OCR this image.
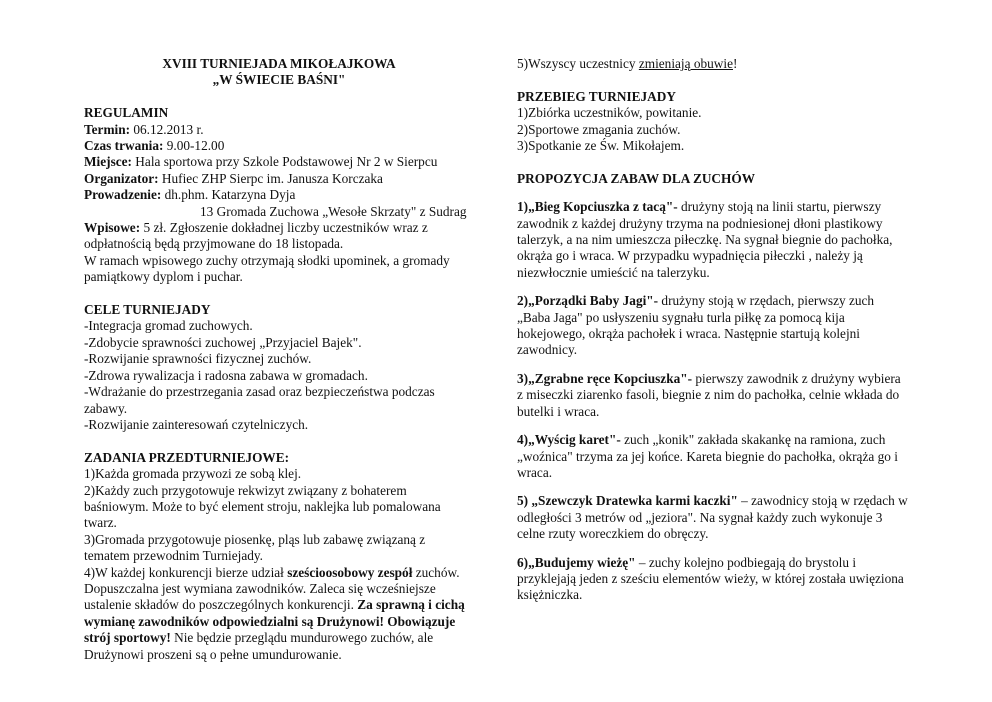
XVIII TURNIEJADA MIKOŁAJKOWA

„W ŚWIECIE BAŚNI"

REGULAMIN

Termin: 06.12.2013 r.

Czas trwania: 9.00-12.00

Miejsce: Hala sportowa przy Szkole Podstawowej Nr 2 w Sierpcu

Organizator: Hufiec ZHP Sierpc im. Janusza Korczaka

Prowadzenie: dh.phm. Katarzyna Dyja

13 Gromada Zuchowa „Wesołe Skrzaty" z Sudrag

Wpisowe: 5 zł. Zgłoszenie dokładnej liczby uczestników wraz z odpłatnością będą przyjmowane do 18 listopada.

W ramach wpisowego zuchy otrzymają słodki upominek, a gromady pamiątkowy dyplom i puchar.

CELE TURNIEJADY

-Integracja gromad zuchowych.

-Zdobycie sprawności zuchowej „Przyjaciel Bajek".

-Rozwijanie sprawności fizycznej zuchów.

-Zdrowa rywalizacja i radosna zabawa w gromadach.

-Wdrażanie do przestrzegania zasad oraz bezpieczeństwa podczas zabawy.

-Rozwijanie zainteresowań czytelniczych.

ZADANIA PRZEDTURNIEJOWE:

1)Każda gromada przywozi ze sobą klej.

2)Każdy zuch przygotowuje rekwizyt związany z bohaterem baśniowym. Może to być element stroju, naklejka lub pomalowana twarz.

3)Gromada przygotowuje piosenkę, pląs lub zabawę związaną z tematem przewodnim Turniejady.

4)W każdej konkurencji bierze udział sześcioosobowy zespół zuchów. Dopuszczalna jest wymiana zawodników. Zaleca się wcześniejsze ustalenie składów do poszczególnych konkurencji. Za sprawną i cichą wymianę zawodników odpowiedzialni są Drużynowi! Obowiązuje strój sportowy! Nie będzie przeglądu mundurowego zuchów, ale Drużynowi proszeni są o pełne umundurowanie.

5)Wszyscy uczestnicy zmieniają obuwie!

PRZEBIEG TURNIEJADY

1)Zbiórka uczestników, powitanie.

2)Sportowe zmagania zuchów.

3)Spotkanie ze Św. Mikołajem.

PROPOZYCJA ZABAW DLA ZUCHÓW

1)„Bieg Kopciuszka z tacą"- drużyny stoją na linii startu, pierwszy zawodnik z każdej drużyny trzyma na podniesionej dłoni plastikowy talerzyk, a na nim umieszcza piłeczkę. Na sygnał biegnie do pachołka, okrąża go i wraca. W przypadku wypadnięcia piłeczki , należy ją niezwłocznie umieścić na talerzyku.

2)„Porządki Baby Jagi"- drużyny stoją w rzędach, pierwszy zuch „Baba Jaga" po usłyszeniu sygnału turla piłkę za pomocą kija hokejowego, okrąża pachołek i wraca. Następnie startują kolejni zawodnicy.

3)„Zgrabne ręce Kopciuszka"- pierwszy zawodnik z drużyny wybiera z miseczki ziarenko fasoli, biegnie z nim do pachołka, celnie wkłada do butelki i wraca.

4)„Wyścig karet"- zuch „konik" zakłada skakankę na ramiona, zuch „woźnica" trzyma za jej końce. Kareta biegnie do pachołka, okrąża go i wraca.

5) „Szewczyk Dratewka karmi kaczki" – zawodnicy stoją w rzędach w odległości 3 metrów od „jeziora". Na sygnał każdy zuch wykonuje 3 celne rzuty woreczkiem do obręczy.

6)„Budujemy wieżę" – zuchy kolejno podbiegają do brystolu i przyklejają jeden z sześciu elementów wieży, w której została uwięziona księżniczka.
